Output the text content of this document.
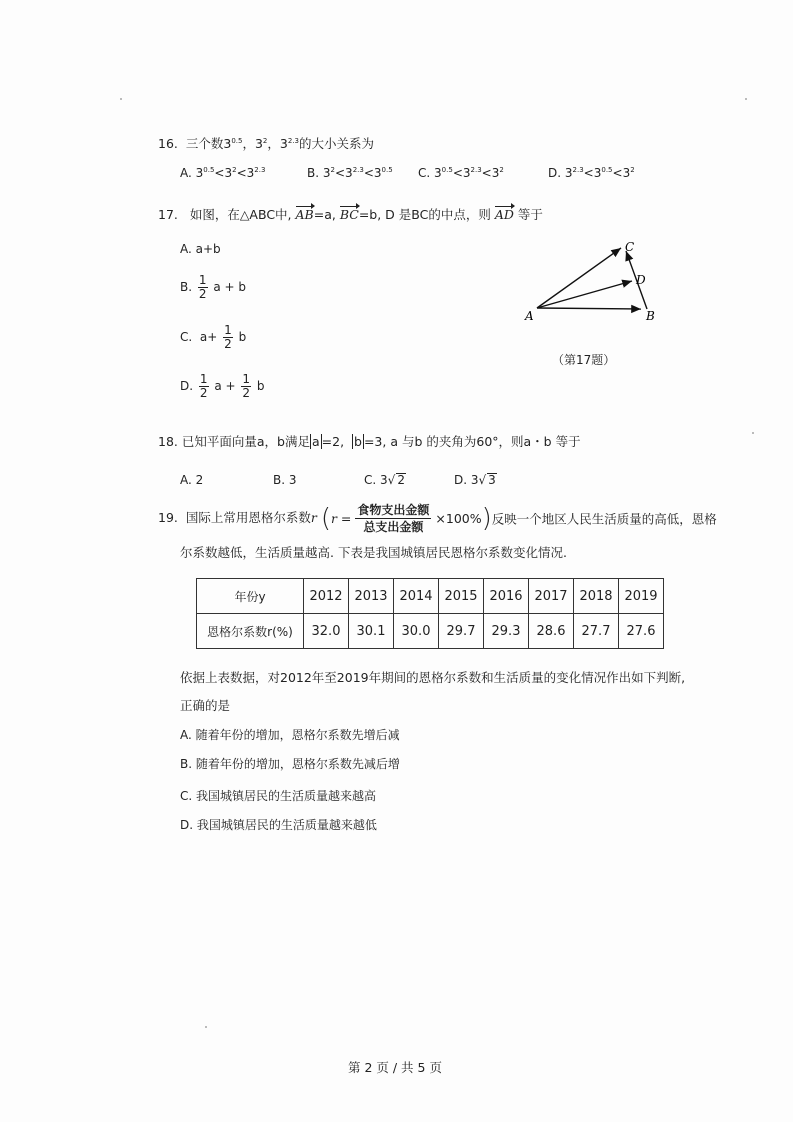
16. 三个数$3^{0.5}$，$3^2$，$3^{2.3}$的大小关系为
A. $3^{0.5}<3^2<3^{2.3}$	B. $3^2<3^{2.3}<3^{0.5}$ C. $3^{0.5}<3^{2.3}<3^2$	D. $3^{2.3}<3^{0.5}<3^2$
17. 如图，在△ABC中, AB=a, BC=b, D 是BC的中点，则 AD 等于
A. a+b
B. $\frac{1}{2}$ a + b
C. $a+ \frac{1}{2}$ b
D. $\frac{1}{2}$ $a + \frac{1}{2}$ b
A	B
C
D
（第17题）
18. 已知平面向量a，b满足 a =2, b =3, a 与b 的夹角为60°，则a・b 等于
A. 2	B. 3	C. 3√ 2	D. 3√ 3
19. 国际上常用恩格尔系数r (r =
食物支出金额
总支出金额
×100%)反映一个地区人民生活质量的高低，恩格
尔系数越低，生活质量越高. 下表是我国城镇居民恩格尔系数变化情况.
年份y	2012	2013	2014	2015	2016	2017	2018	2019
恩格尔系数r(%)	32.0	30.1	30.0	29.7	29.3	28.6	27.7	27.6
依据上表数据，对2012年至2019年期间的恩格尔系数和生活质量的变化情况作出如下判断,
正确的是
A. 随着年份的增加，恩格尔系数先增后减
B. 随着年份的增加，恩格尔系数先减后增
C. 我国城镇居民的生活质量越来越高
D. 我国城镇居民的生活质量越来越低
第 2 页 / 共 5 页
